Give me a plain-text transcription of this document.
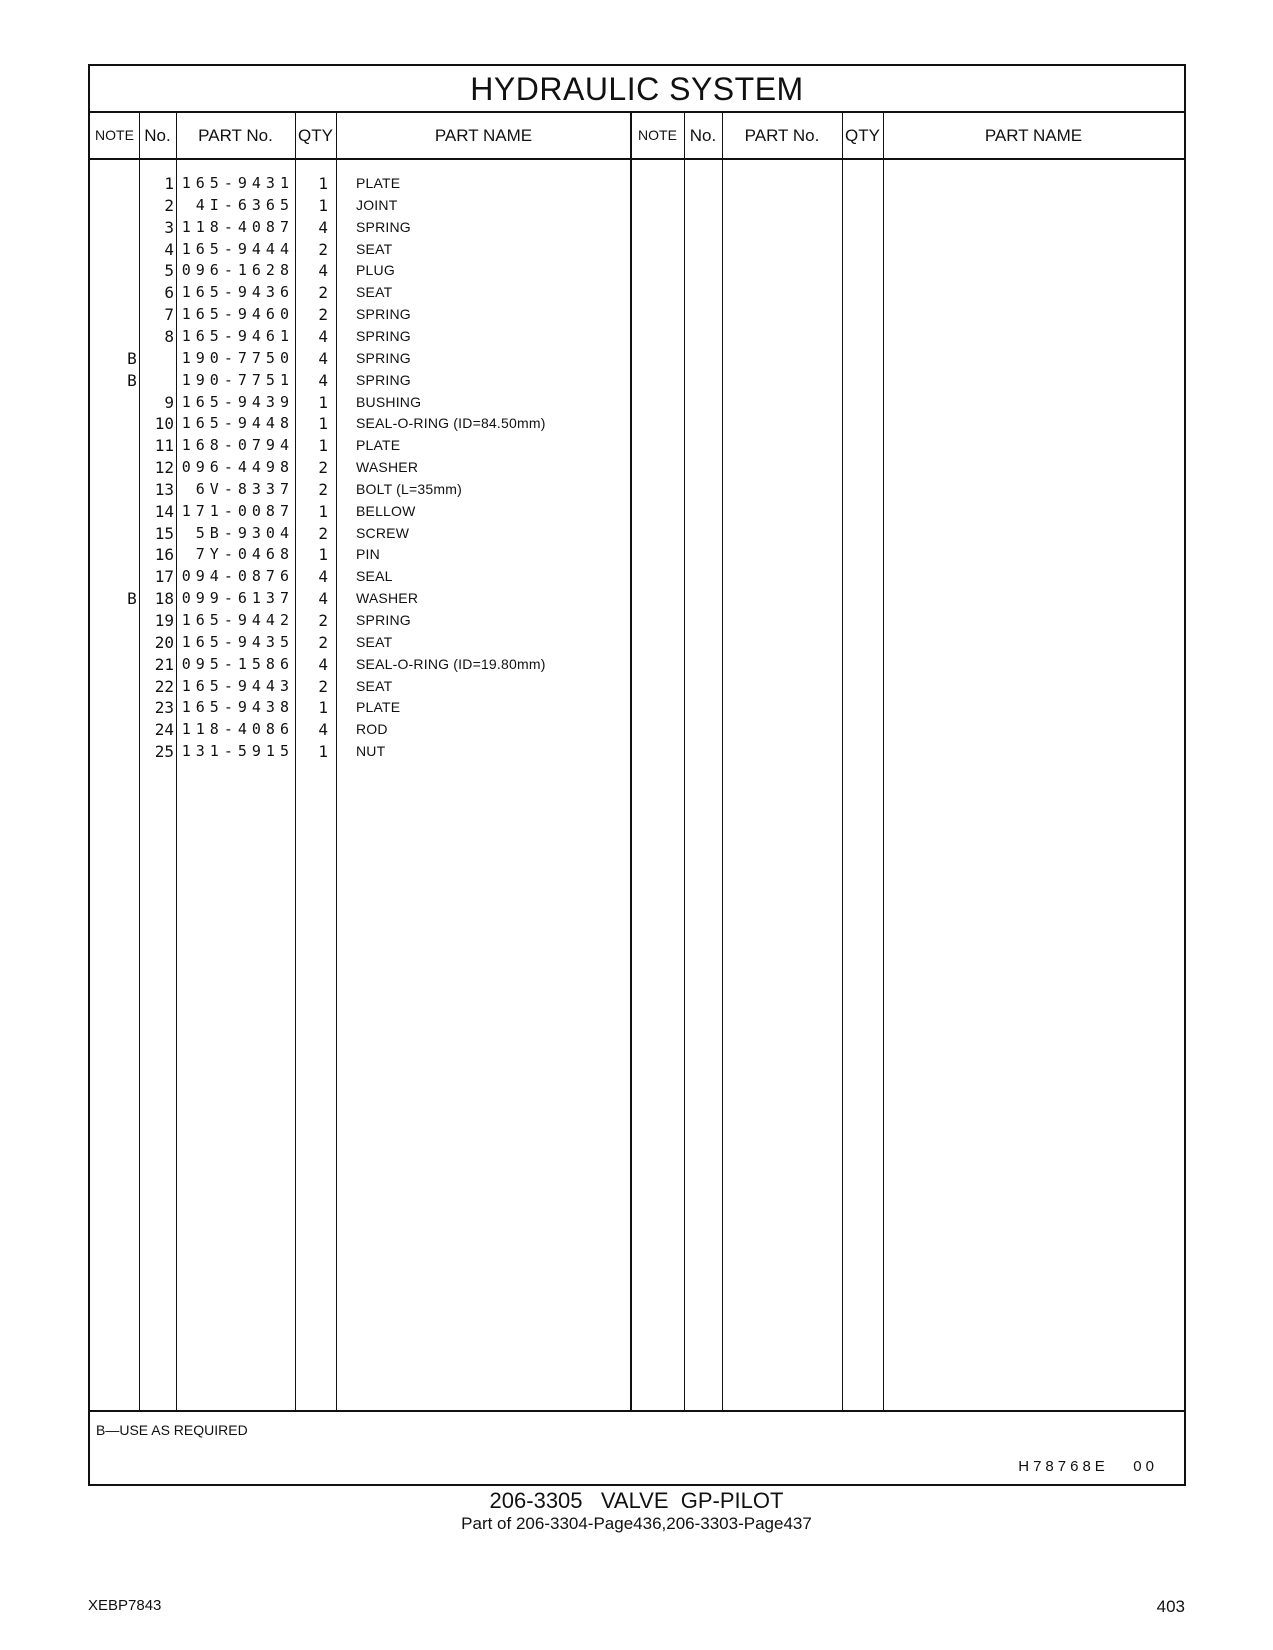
HYDRAULIC SYSTEM
NOTE No.	PART No.	QTY	PART NAME	NOTE No.	PART No.	QTY	PART NAME
1 165-9431	1 PLATE
2	4I-6365	1 JOINT
3 118-4087	4 SPRING
4 165-9444	2 SEAT
5 096-1628	4 PLUG
6 165-9436	2 SEAT
7 165-9460	2 SPRING
8 165-9461	4 SPRING
B	190-7750	4 SPRING
B	190-7751	4 SPRING
9 165-9439	1 BUSHING
10 165-9448	1 SEAL-O-RING (ID=84.50mm)
11 168-0794	1 PLATE
12 096-4498	2 WASHER
13	6V-8337	2 BOLT (L=35mm)
14 171-0087	1 BELLOW
15	5B-9304	2 SCREW
16	7Y-0468	1 PIN
17 094-0876	4 SEAL
B	18 099-6137	4 WASHER
19 165-9442	2 SPRING
20 165-9435	2 SEAT
21 095-1586	4 SEAL-O-RING (ID=19.80mm)
22 165-9443	2 SEAT
23 165-9438	1 PLATE
24 118-4086	4 ROD
25 131-5915	1 NUT
B—USE AS REQUIRED
H78768E   00
206-3305   VALVE  GP-PILOT
Part of 206-3304-Page436,206-3303-Page437
XEBP7843	403
